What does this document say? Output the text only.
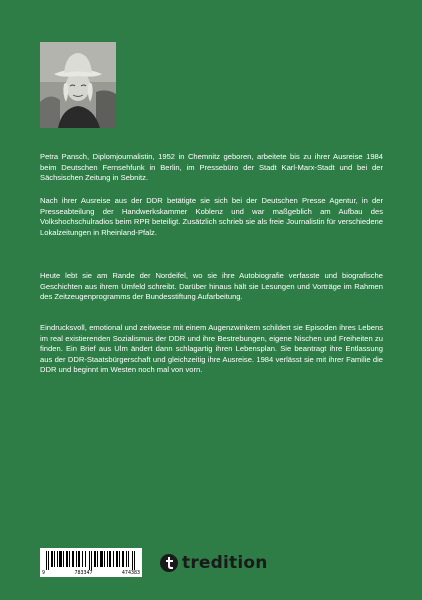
Petra Pansch, Diplomjournalistin, 1952 in Chemnitz geboren, arbeitete bis zu ihrer Ausreise 1984 beim Deutschen Fernsehfunk in Berlin, im Pressebüro der Stadt Karl-Marx-Stadt und bei der Sächsischen Zeitung in Sebnitz.

Nach ihrer Ausreise aus der DDR betätigte sie sich bei der Deutschen Presse Agentur, in der Presseabteilung der Handwerkskammer Koblenz und war maßgeblich am Aufbau des Volkshochschulradios beim RPR beteiligt. Zusätzlich schrieb sie als freie Journalistin für verschiedene Lokalzeitungen in Rheinland-Pfalz.

Heute lebt sie am Rande der Nordeifel, wo sie ihre Autobiografie verfasste und biografische Geschichten aus ihrem Umfeld schreibt. Darüber hinaus hält sie Lesungen und Vorträge im Rahmen des Zeitzeugenprogramms der Bundesstiftung Aufarbeitung.

Eindrucksvoll, emotional und zeitweise mit einem Augenzwinkern schildert sie Episoden ihres Lebens im real existierenden Sozialismus der DDR und ihre Bestrebungen, eigene Nischen und Freiheiten zu finden. Ein Brief aus Ulm ändert dann schlagartig ihren Lebensplan. Sie beantragt ihre Entlassung aus der DDR-Staatsbürgerschaft und gleichzeitig ihre Ausreise. 1984 verlässt sie mit ihrer Familie die DDR und beginnt im Westen noch mal von vorn.

9	783347	474383 tredition
